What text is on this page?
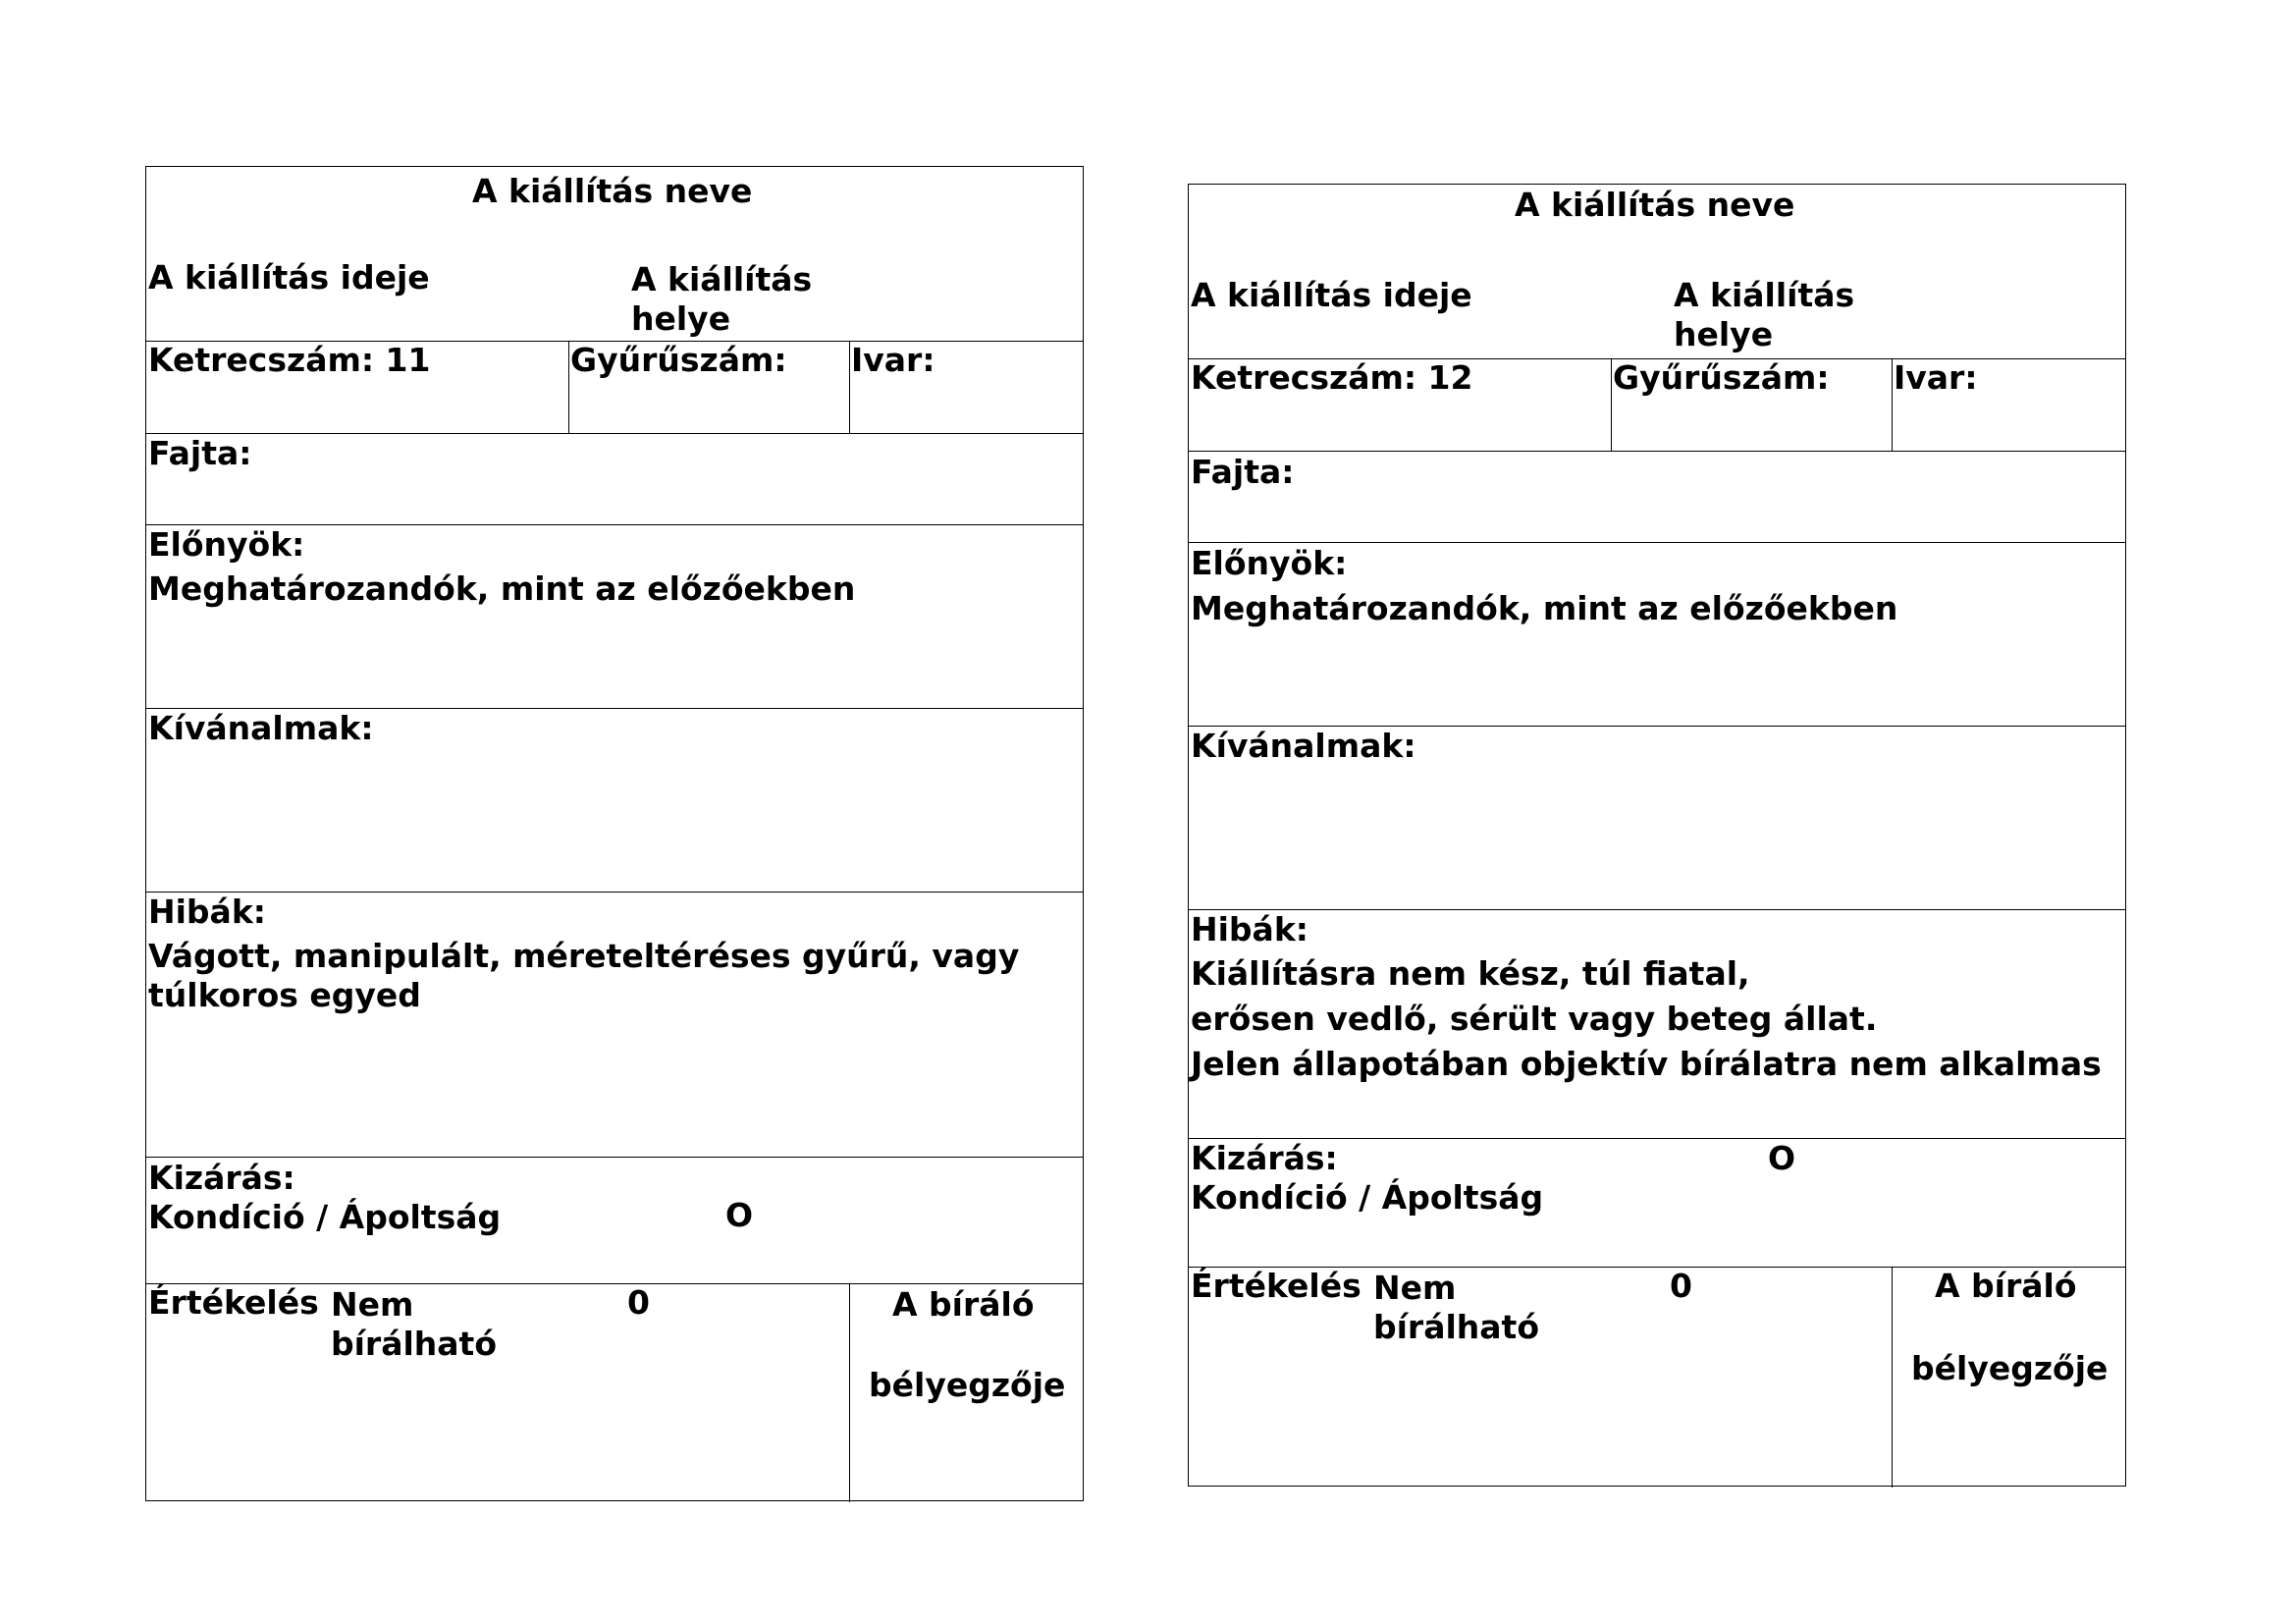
A kiállítás neve
A kiállítás ideje	A kiállítás
helye
Ketrecszám: 11	Gyűrűszám: Ivar:
Fajta:
Előnyök:
Meghatározandók, mint az előzőekben
Kívánalmak:
Hibák:
Vágott, manipulált, méreteltéréses gyűrű, vagy
túlkoros egyed
Kizárás:
Kondíció / Ápoltság	O
Értékelés Nem
bírálható
0	A bíráló
bélyegzője
A kiállítás neve
A kiállítás ideje	A kiállítás
helye
Ketrecszám: 12	Gyűrűszám: Ivar:
Fajta:
Előnyök:
Meghatározandók, mint az előzőekben
Kívánalmak:
Hibák:
Kiállításra nem kész, túl fiatal,
erősen vedlő, sérült vagy beteg állat.
Jelen állapotában objektív bírálatra nem alkalmas
Kizárás:
Kondíció / Ápoltság
O
Értékelés Nem
bírálható
0	A bíráló
bélyegzője
